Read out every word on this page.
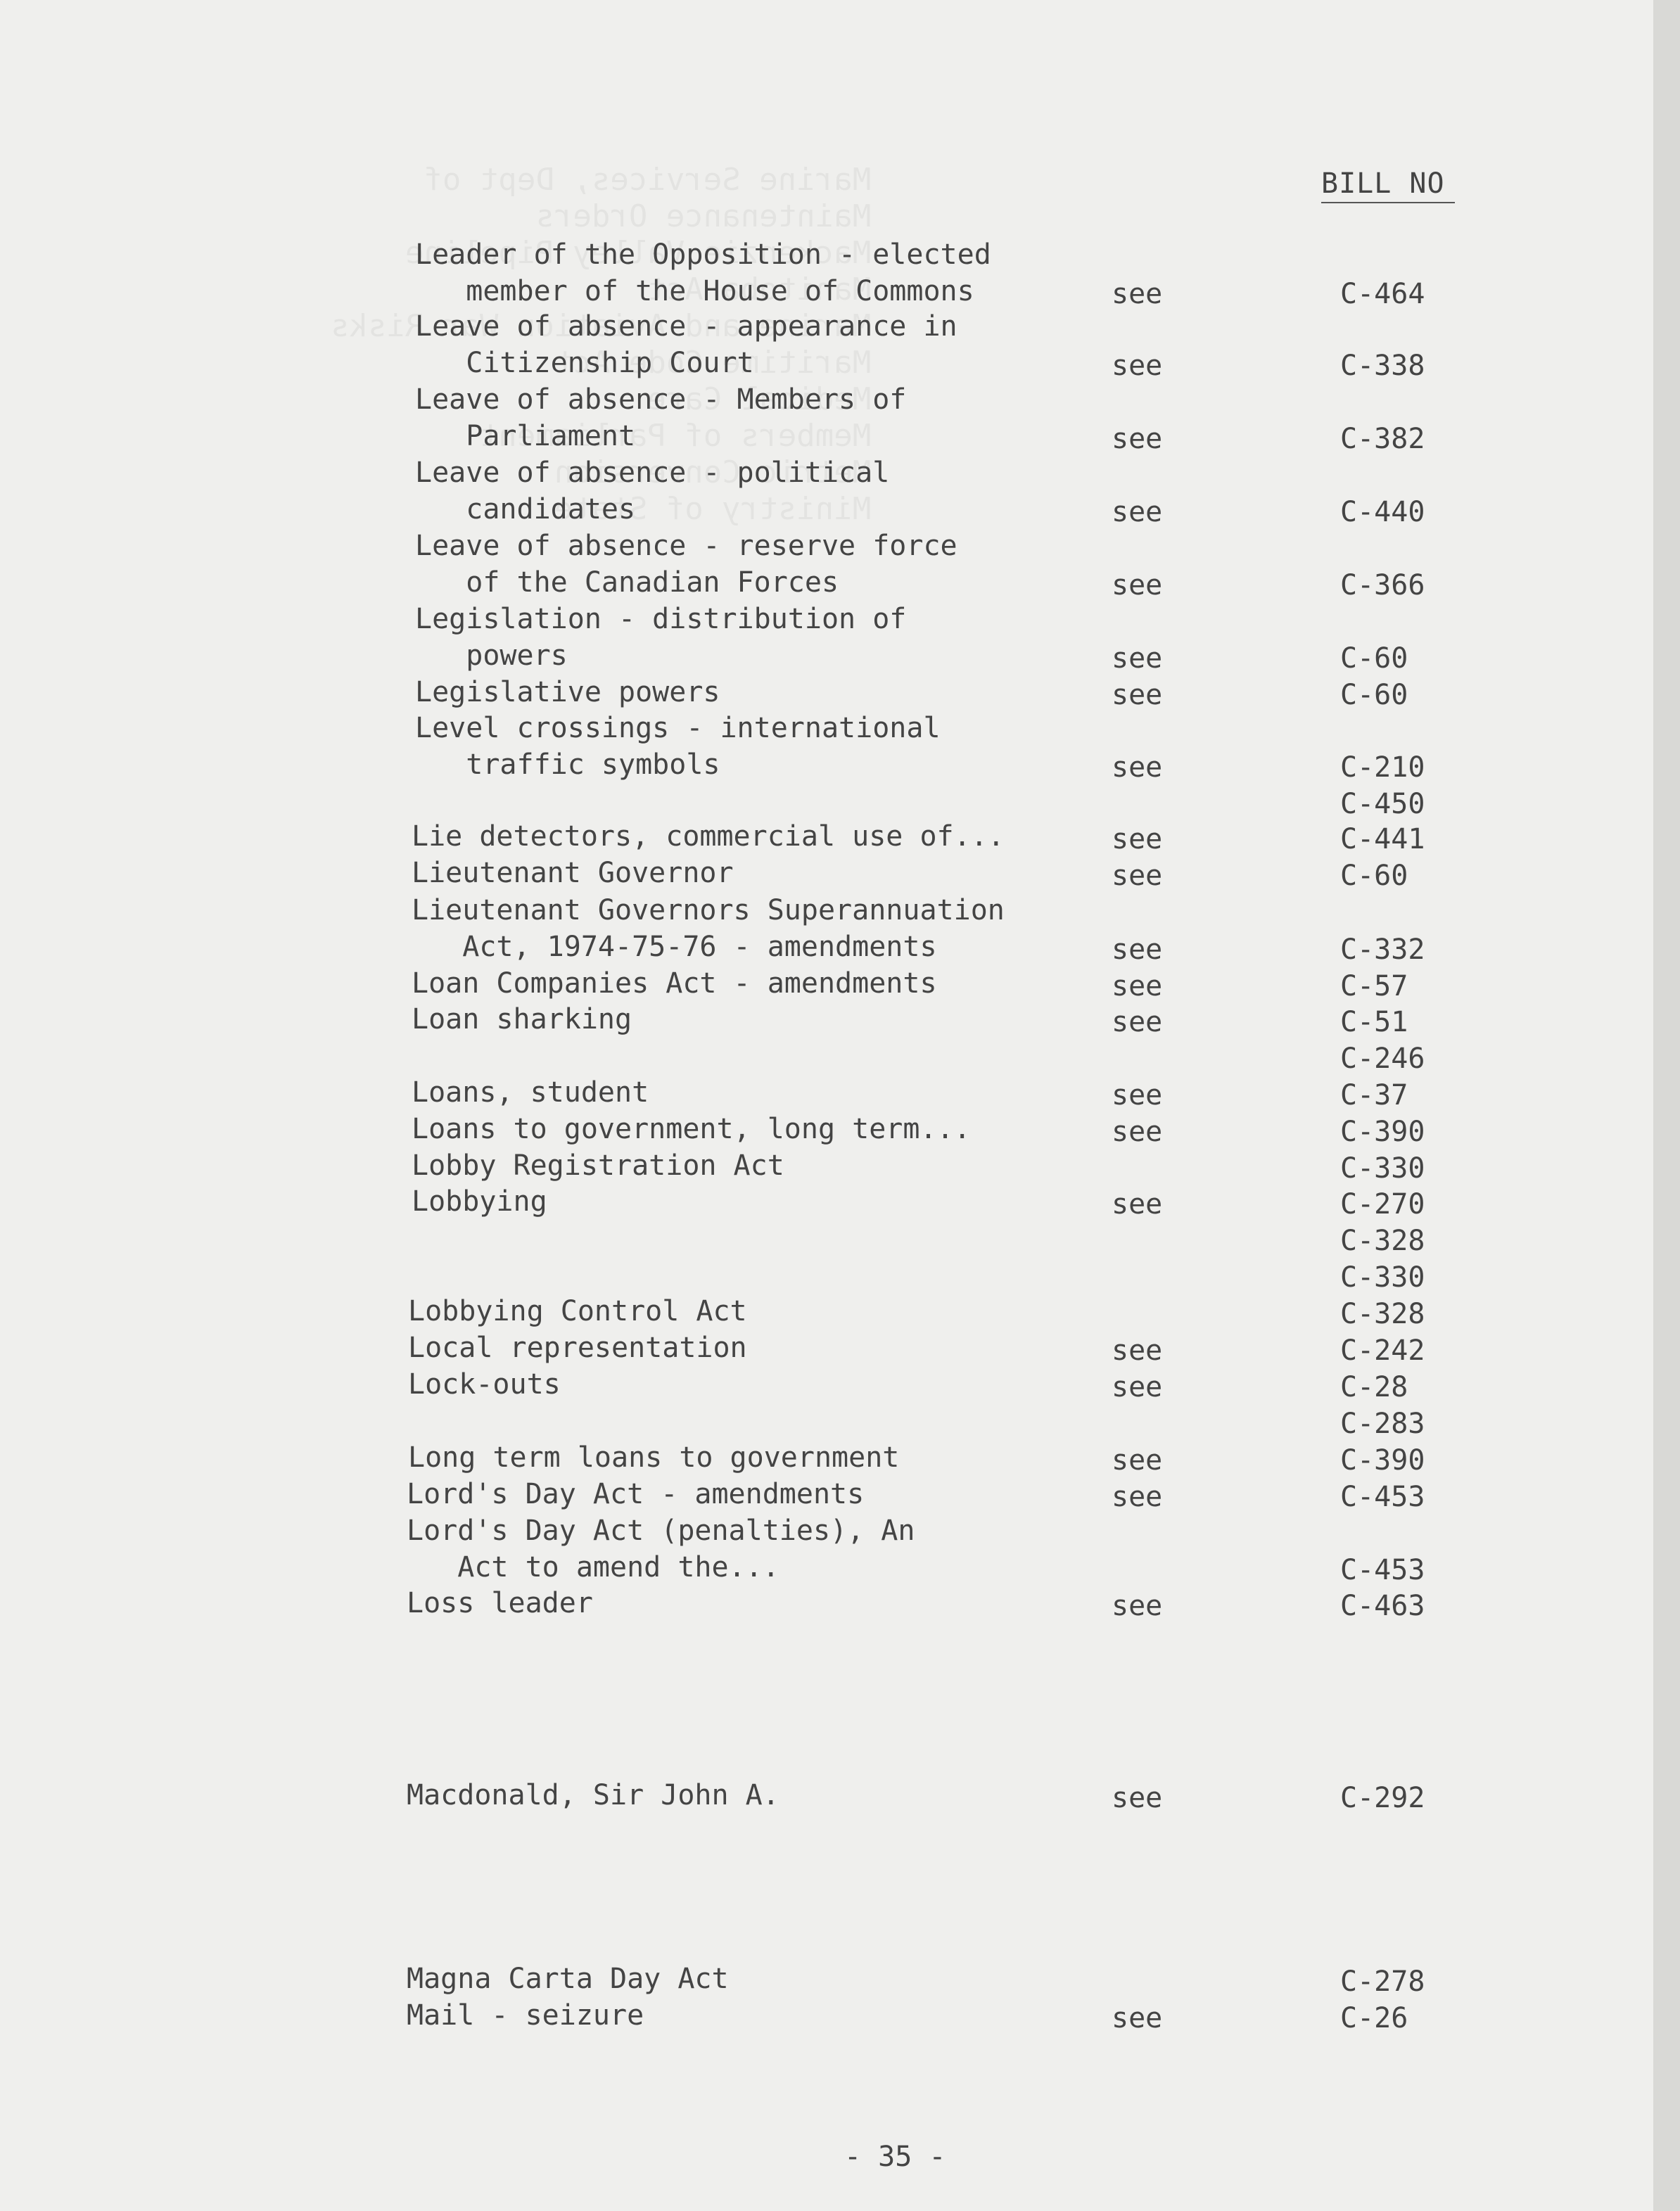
BILL NO
Leader of the Opposition - elected
member of the House of Commons	see	C-464
Leave of absence - appearance in
Citizenship Court	see	C-338
Leave of absence - Members of
Parliament	see	C-382
Leave of absence - political
candidates	see	C-440
Leave of absence - reserve force
of the Canadian Forces	see	C-366
Legislation - distribution of
powers	see	C-60
Legislative powers	see	C-60
Level crossings - international
traffic symbols	see	C-210
C-450
Lie detectors, commercial use of...	see	C-441
Lieutenant Governor	see	C-60
Lieutenant Governors Superannuation
Act, 1974-75-76 - amendments	see	C-332
Loan Companies Act - amendments	see	C-57
Loan sharking	see	C-51
C-246
Loans, student	see	C-37
Loans to government, long term...	see	C-390
Lobby Registration Act	C-330
Lobbying	see	C-270
C-328
C-330
Lobbying Control Act	C-328
Local representation	see	C-242
Lock-outs	see	C-28
C-283
Long term loans to government	see	C-390
Lord's Day Act - amendments	see	C-453
Lord's Day Act (penalties), An
Act to amend the...	C-453
Loss leader	see	C-463
Macdonald, Sir John A.	see	C-292
Magna Carta Day Act	C-278
Mail - seizure	see	C-26
- 35 -
